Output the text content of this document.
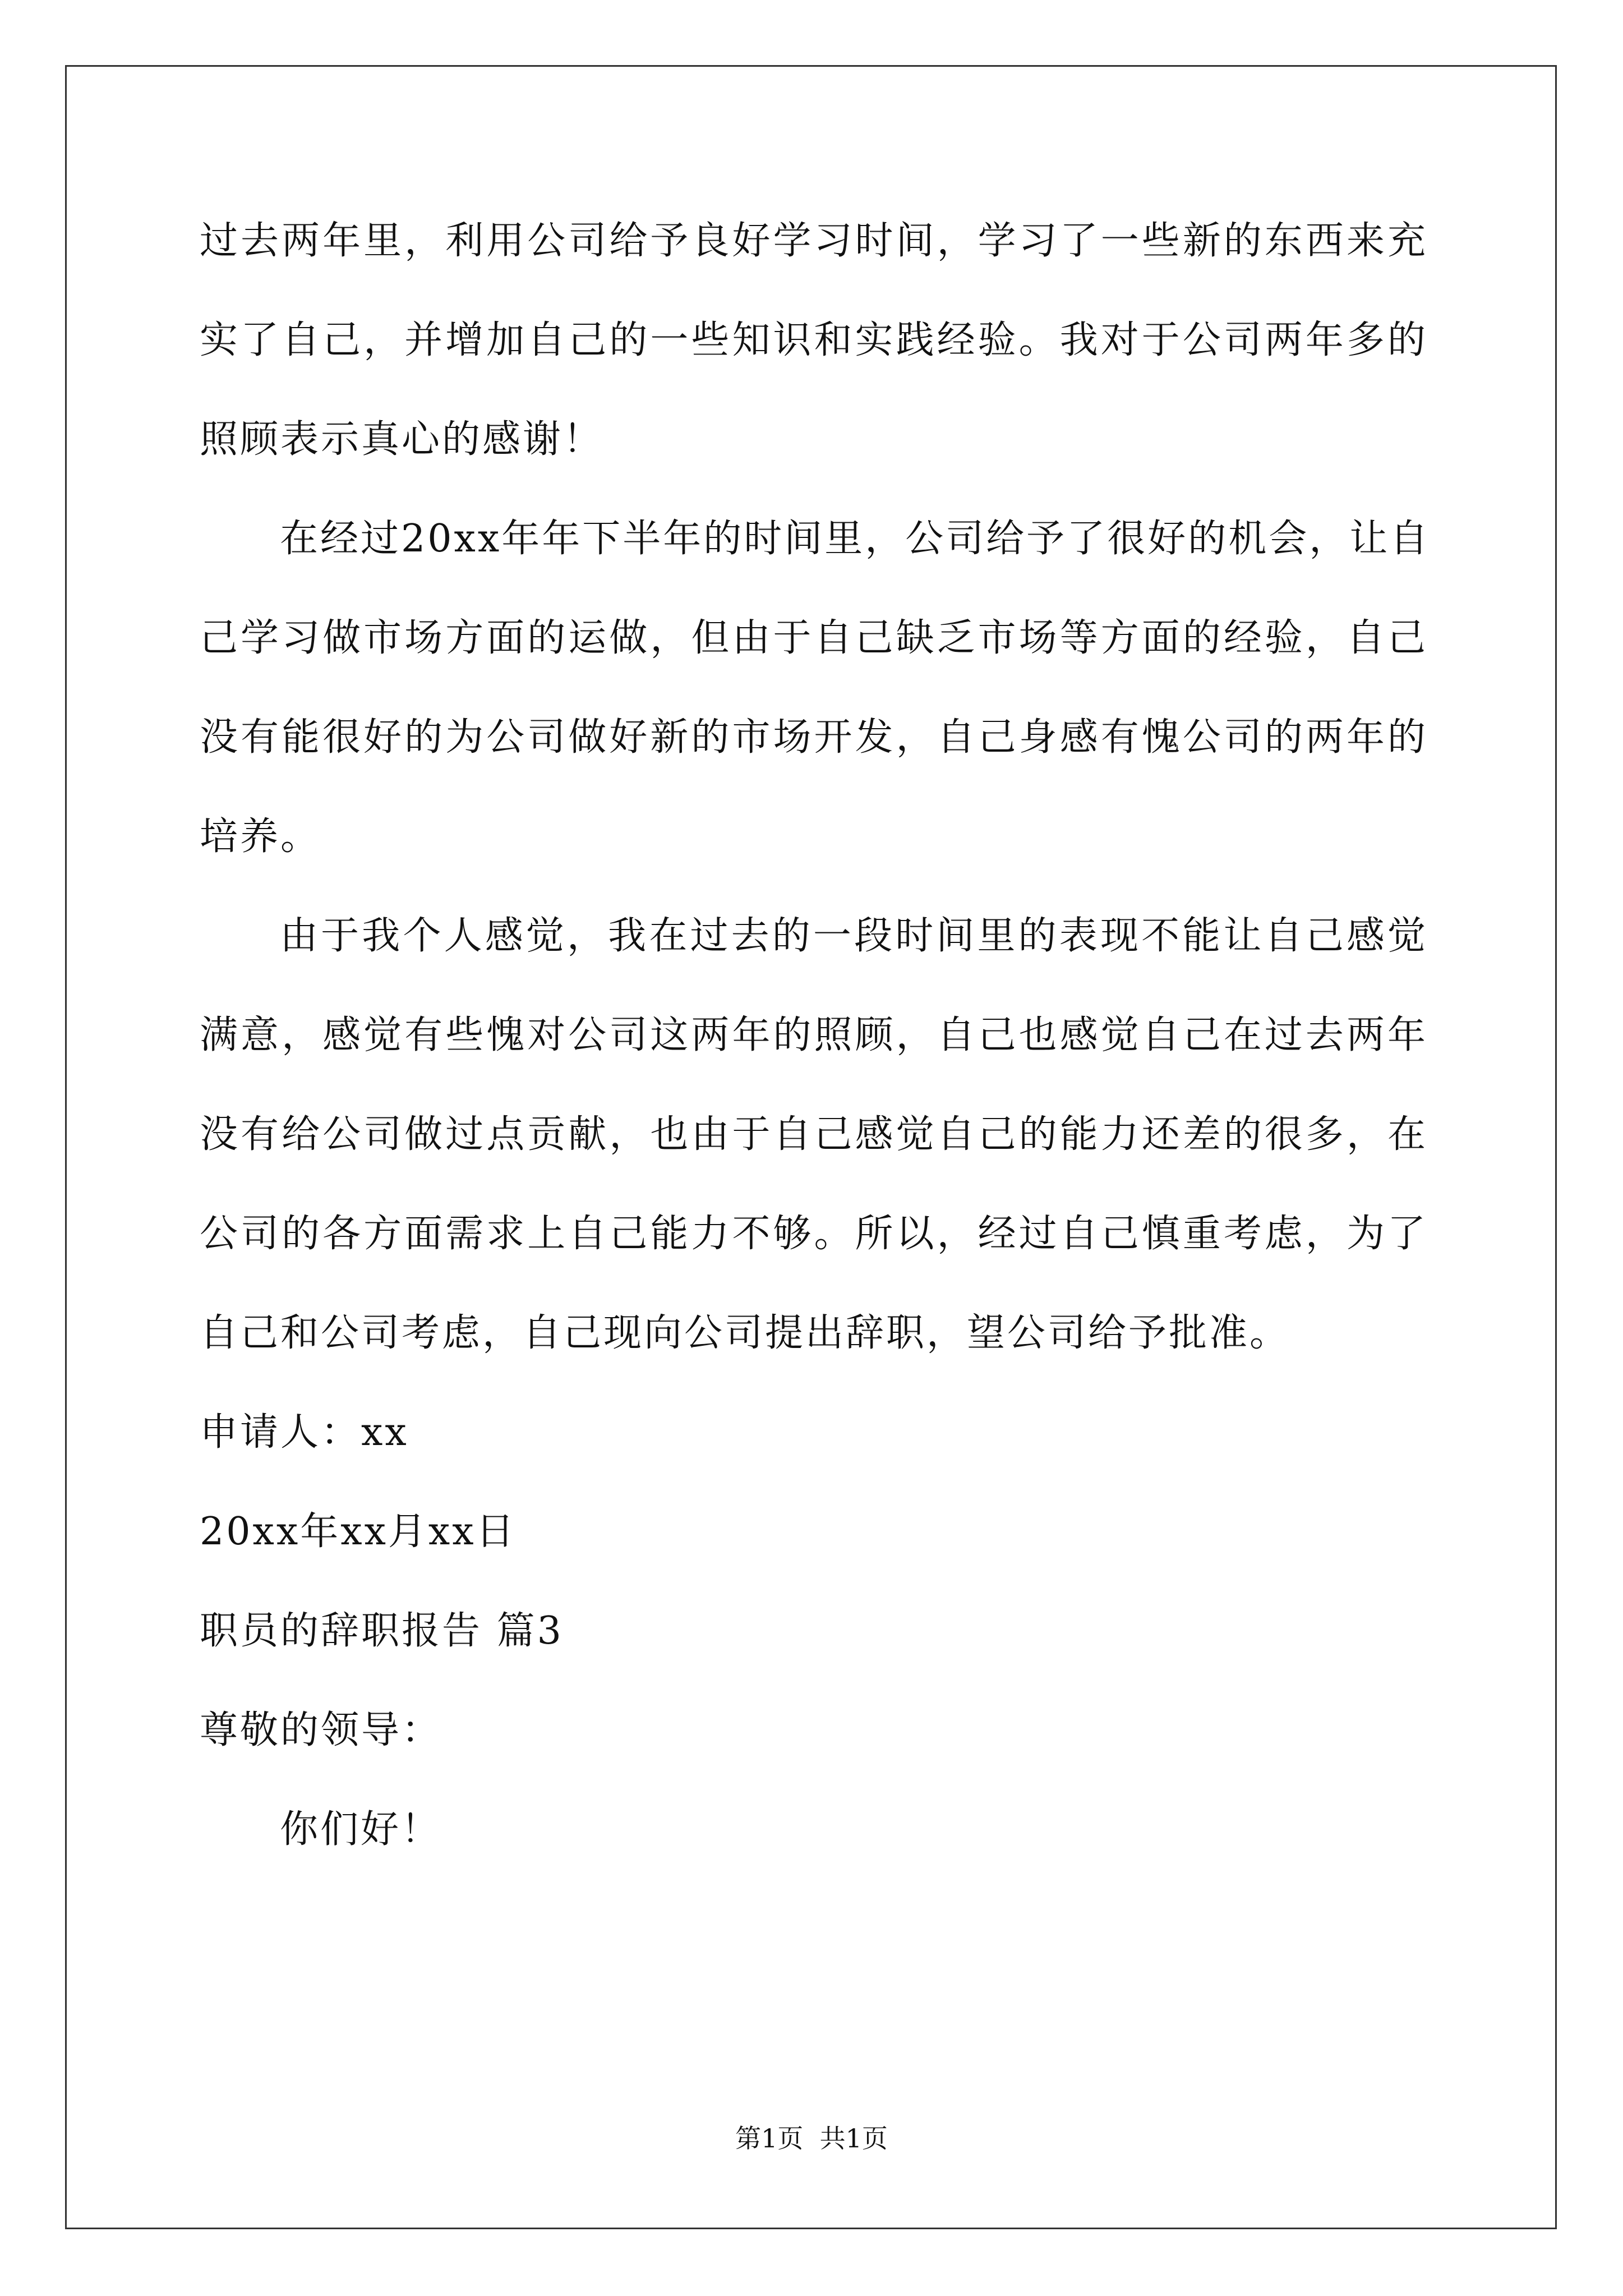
过去两年里，利用公司给予良好学习时间，学习了一些新的东西来充
实了自己，并增加自己的一些知识和实践经验。我对于公司两年多的
照顾表示真心的感谢！
在经过20xx年年下半年的时间里，公司给予了很好的机会，让自
己学习做市场方面的运做，但由于自己缺乏市场等方面的经验，自己
没有能很好的为公司做好新的市场开发，自己身感有愧公司的两年的
培养。
由于我个人感觉，我在过去的一段时间里的表现不能让自己感觉
满意，感觉有些愧对公司这两年的照顾，自己也感觉自己在过去两年
没有给公司做过点贡献，也由于自己感觉自己的能力还差的很多，在
公司的各方面需求上自己能力不够。所以，经过自己慎重考虑，为了
自己和公司考虑，自己现向公司提出辞职，望公司给予批准。
申请人：xx
20xx年xx月xx日
职员的辞职报告 篇3
尊敬的领导：
你们好！
第1页  共1页
